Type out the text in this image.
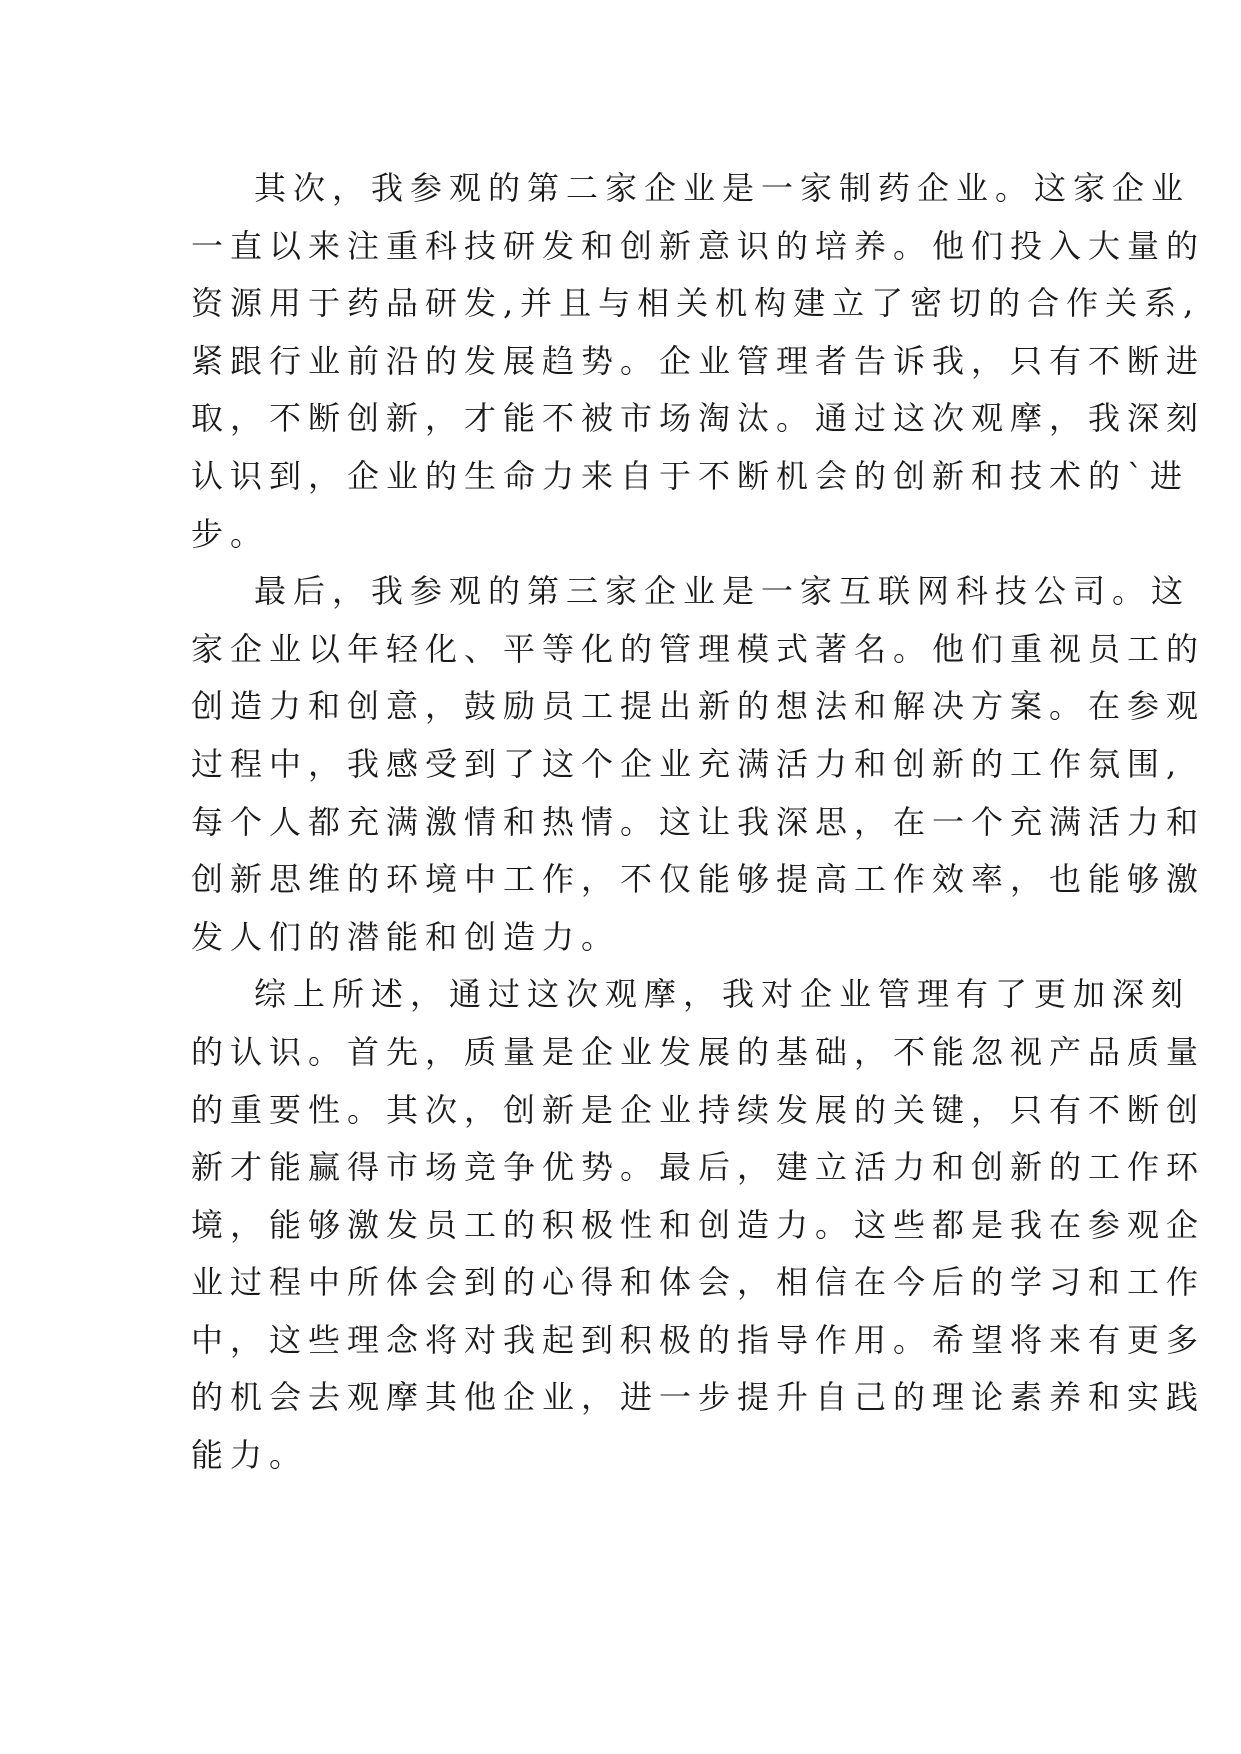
其次，我参观的第二家企业是一家制药企业。这家企业
一直以来注重科技研发和创新意识的培养。他们投入大量的
资源用于药品研发,并且与相关机构建立了密切的合作关系,
紧跟行业前沿的发展趋势。企业管理者告诉我，只有不断进
取，不断创新，才能不被市场淘汰。通过这次观摩，我深刻
认识到，企业的生命力来自于不断机会的创新和技术的`进
步。
最后，我参观的第三家企业是一家互联网科技公司。这
家企业以年轻化、平等化的管理模式著名。他们重视员工的
创造力和创意，鼓励员工提出新的想法和解决方案。在参观
过程中，我感受到了这个企业充满活力和创新的工作氛围,
每个人都充满激情和热情。这让我深思，在一个充满活力和
创新思维的环境中工作，不仅能够提高工作效率，也能够激
发人们的潜能和创造力。
综上所述，通过这次观摩，我对企业管理有了更加深刻
的认识。首先，质量是企业发展的基础，不能忽视产品质量
的重要性。其次，创新是企业持续发展的关键，只有不断创
新才能赢得市场竞争优势。最后，建立活力和创新的工作环
境，能够激发员工的积极性和创造力。这些都是我在参观企
业过程中所体会到的心得和体会，相信在今后的学习和工作
中，这些理念将对我起到积极的指导作用。希望将来有更多
的机会去观摩其他企业，进一步提升自己的理论素养和实践
能力。
